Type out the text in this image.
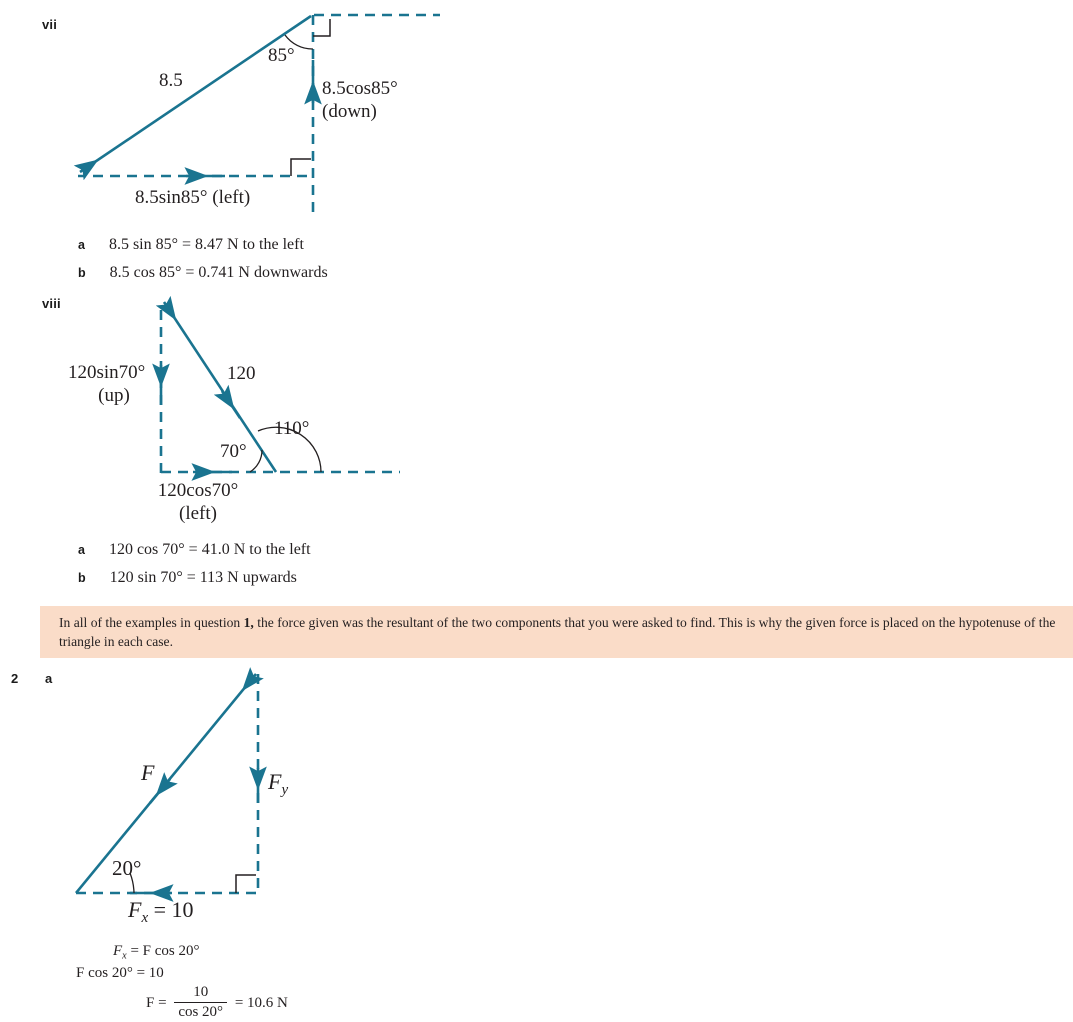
vii
8.5
85°
8.5cos85°
(down)
8.5sin85° (left)
a 8.5 sin 85° = 8.47 N to the left
b 8.5 cos 85° = 0.741 N downwards
viii
120sin70°
(up)
120
110°
70°
120cos70°
(left)
a 120 cos 70° = 41.0 N to the left
b 120 sin 70° = 113 N upwards
In all of the examples in question 1, the force given was the resultant of the two components that you were asked to find. This is why the given force is placed on the hypotenuse of the triangle in each case.
2 a
F
20°
$F_y$
$F_x = 10$
$F_x = F$ cos 20°
F cos 20° = 10
$F = \frac{10}{\cos 20^\circ} = 10.6$ N
